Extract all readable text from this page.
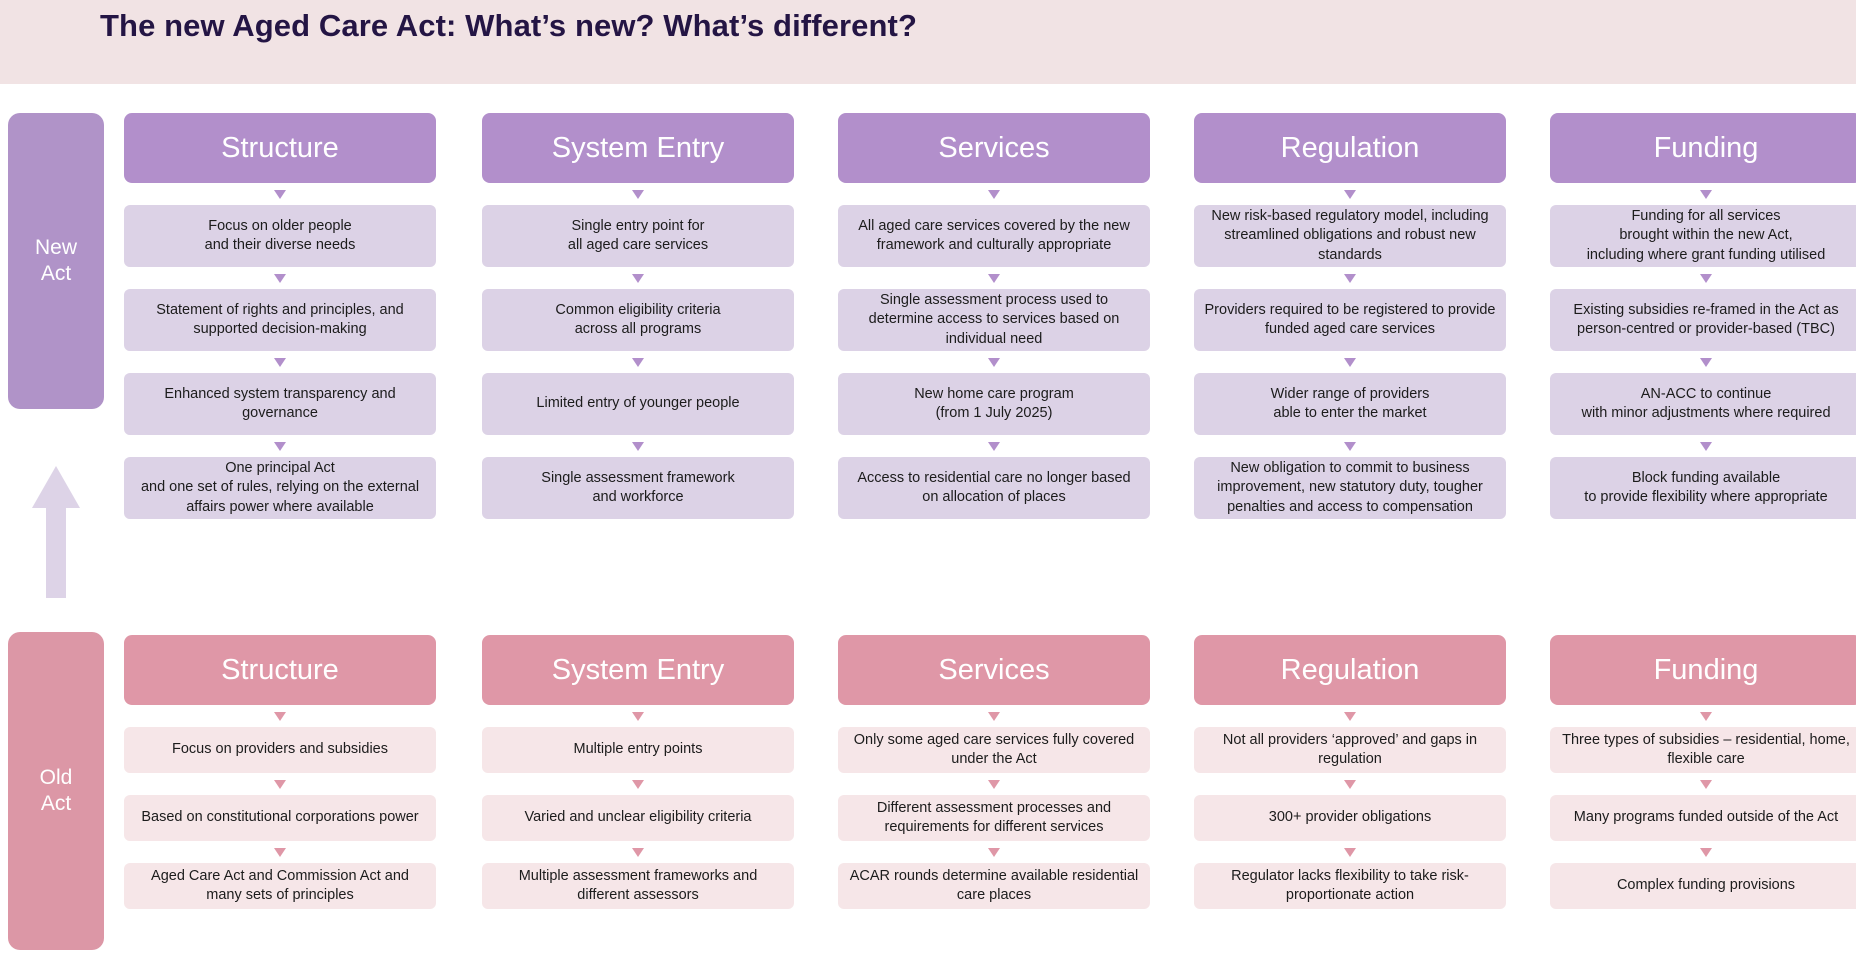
The new Aged Care Act: What’s new? What’s different?
New
Act
Old
Act
Structure
Focus on older people
and their diverse needs
Statement of rights and principles, and supported decision-making
Enhanced system transparency and governance
One principal Act
and one set of rules, relying on the external affairs power where available
System Entry
Single entry point for
all aged care services
Common eligibility criteria
across all programs
Limited entry of younger people
Single assessment framework
and workforce
Services
All aged care services covered by the new framework and culturally appropriate
Single assessment process used to determine access to services based on individual need
New home care program
(from 1 July 2025)
Access to residential care no longer based on allocation of places
Regulation
New risk-based regulatory model, including streamlined obligations and robust new standards
Providers required to be registered to provide funded aged care services
Wider range of providers
able to enter the market
New obligation to commit to business improvement, new statutory duty, tougher penalties and access to compensation
Funding
Funding for all services
brought within the new Act,
including where grant funding utilised
Existing subsidies re-framed in the Act as person-centred or provider-based (TBC)
AN-ACC to continue
with minor adjustments where required
Block funding available
to provide flexibility where appropriate
Structure
Focus on providers and subsidies
Based on constitutional corporations power
Aged Care Act and Commission Act and many sets of principles
System Entry
Multiple entry points
Varied and unclear eligibility criteria
Multiple assessment frameworks and different assessors
Services
Only some aged care services fully covered under the Act
Different assessment processes and requirements for different services
ACAR rounds determine available residential care places
Regulation
Not all providers ‘approved’ and gaps in regulation
300+ provider obligations
Regulator lacks flexibility to take risk-proportionate action
Funding
Three types of subsidies – residential, home, flexible care
Many programs funded outside of the Act
Complex funding provisions
